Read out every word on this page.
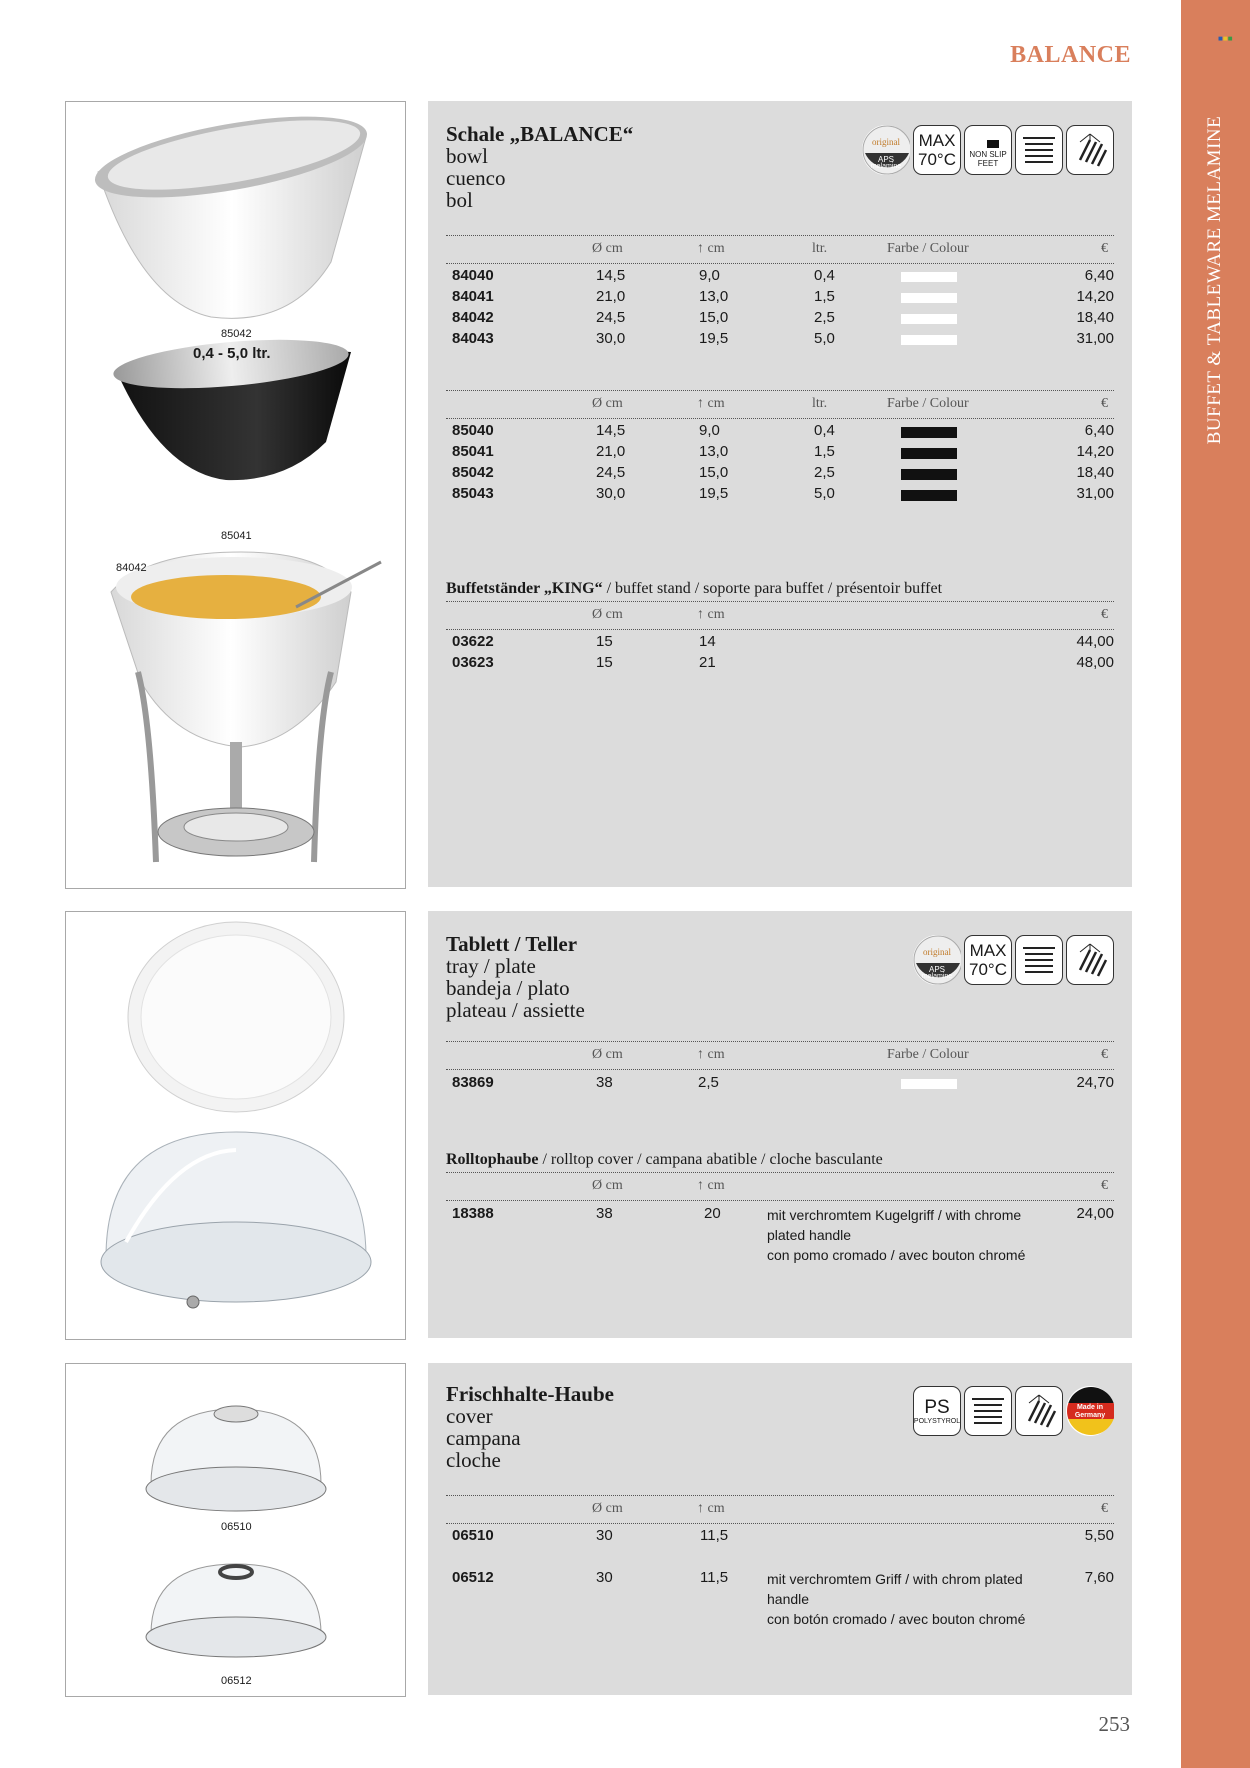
■■■
BUFFET & TABLEWARE MELAMINE
BALANCE
85042
0,4 - 5,0 ltr.
85041
84042
Schale „BALANCE“
bowl
cuenco
bol
original
APS
melamine
MAX
70°C	NON SLIP FEET
Ø cm	↑ cm	ltr.	Farbe / Colour	€
84040	14,5	9,0	0,4	6,40
84041	21,0	13,0	1,5	14,20
84042	24,5	15,0	2,5	18,40
84043	30,0	19,5	5,0	31,00
Ø cm	↑ cm	ltr.	Farbe / Colour	€
85040	14,5	9,0	0,4	6,40
85041	21,0	13,0	1,5	14,20
85042	24,5	15,0	2,5	18,40
85043	30,0	19,5	5,0	31,00
Buffetständer „KING“ / buffet stand / soporte para buffet / présentoir buffet
Ø cm	↑ cm	€
03622	15	14	44,00
03623	15	21	48,00
Tablett / Teller
tray / plate
bandeja / plato
plateau / assiette
original
APS
melamine
MAX
70°C
Ø cm	↑ cm	Farbe / Colour	€
83869	38	2,5	24,70
Rolltophaube / rolltop cover / campana abatible / cloche basculante
Ø cm	↑ cm	€
18388	38	20	24,00
mit verchromtem Kugelgriff / with chrome
plated handle
con pomo cromado / avec bouton chromé
06510
06512
Frischhalte-Haube
cover
campana
cloche
PS
POLYSTYROL
Made in Germany
Ø cm	↑ cm	€
06510	30	11,5	5,50
06512	30	11,5	7,60
mit verchromtem Griff / with chrom plated
handle
con botón cromado / avec bouton chromé
253
